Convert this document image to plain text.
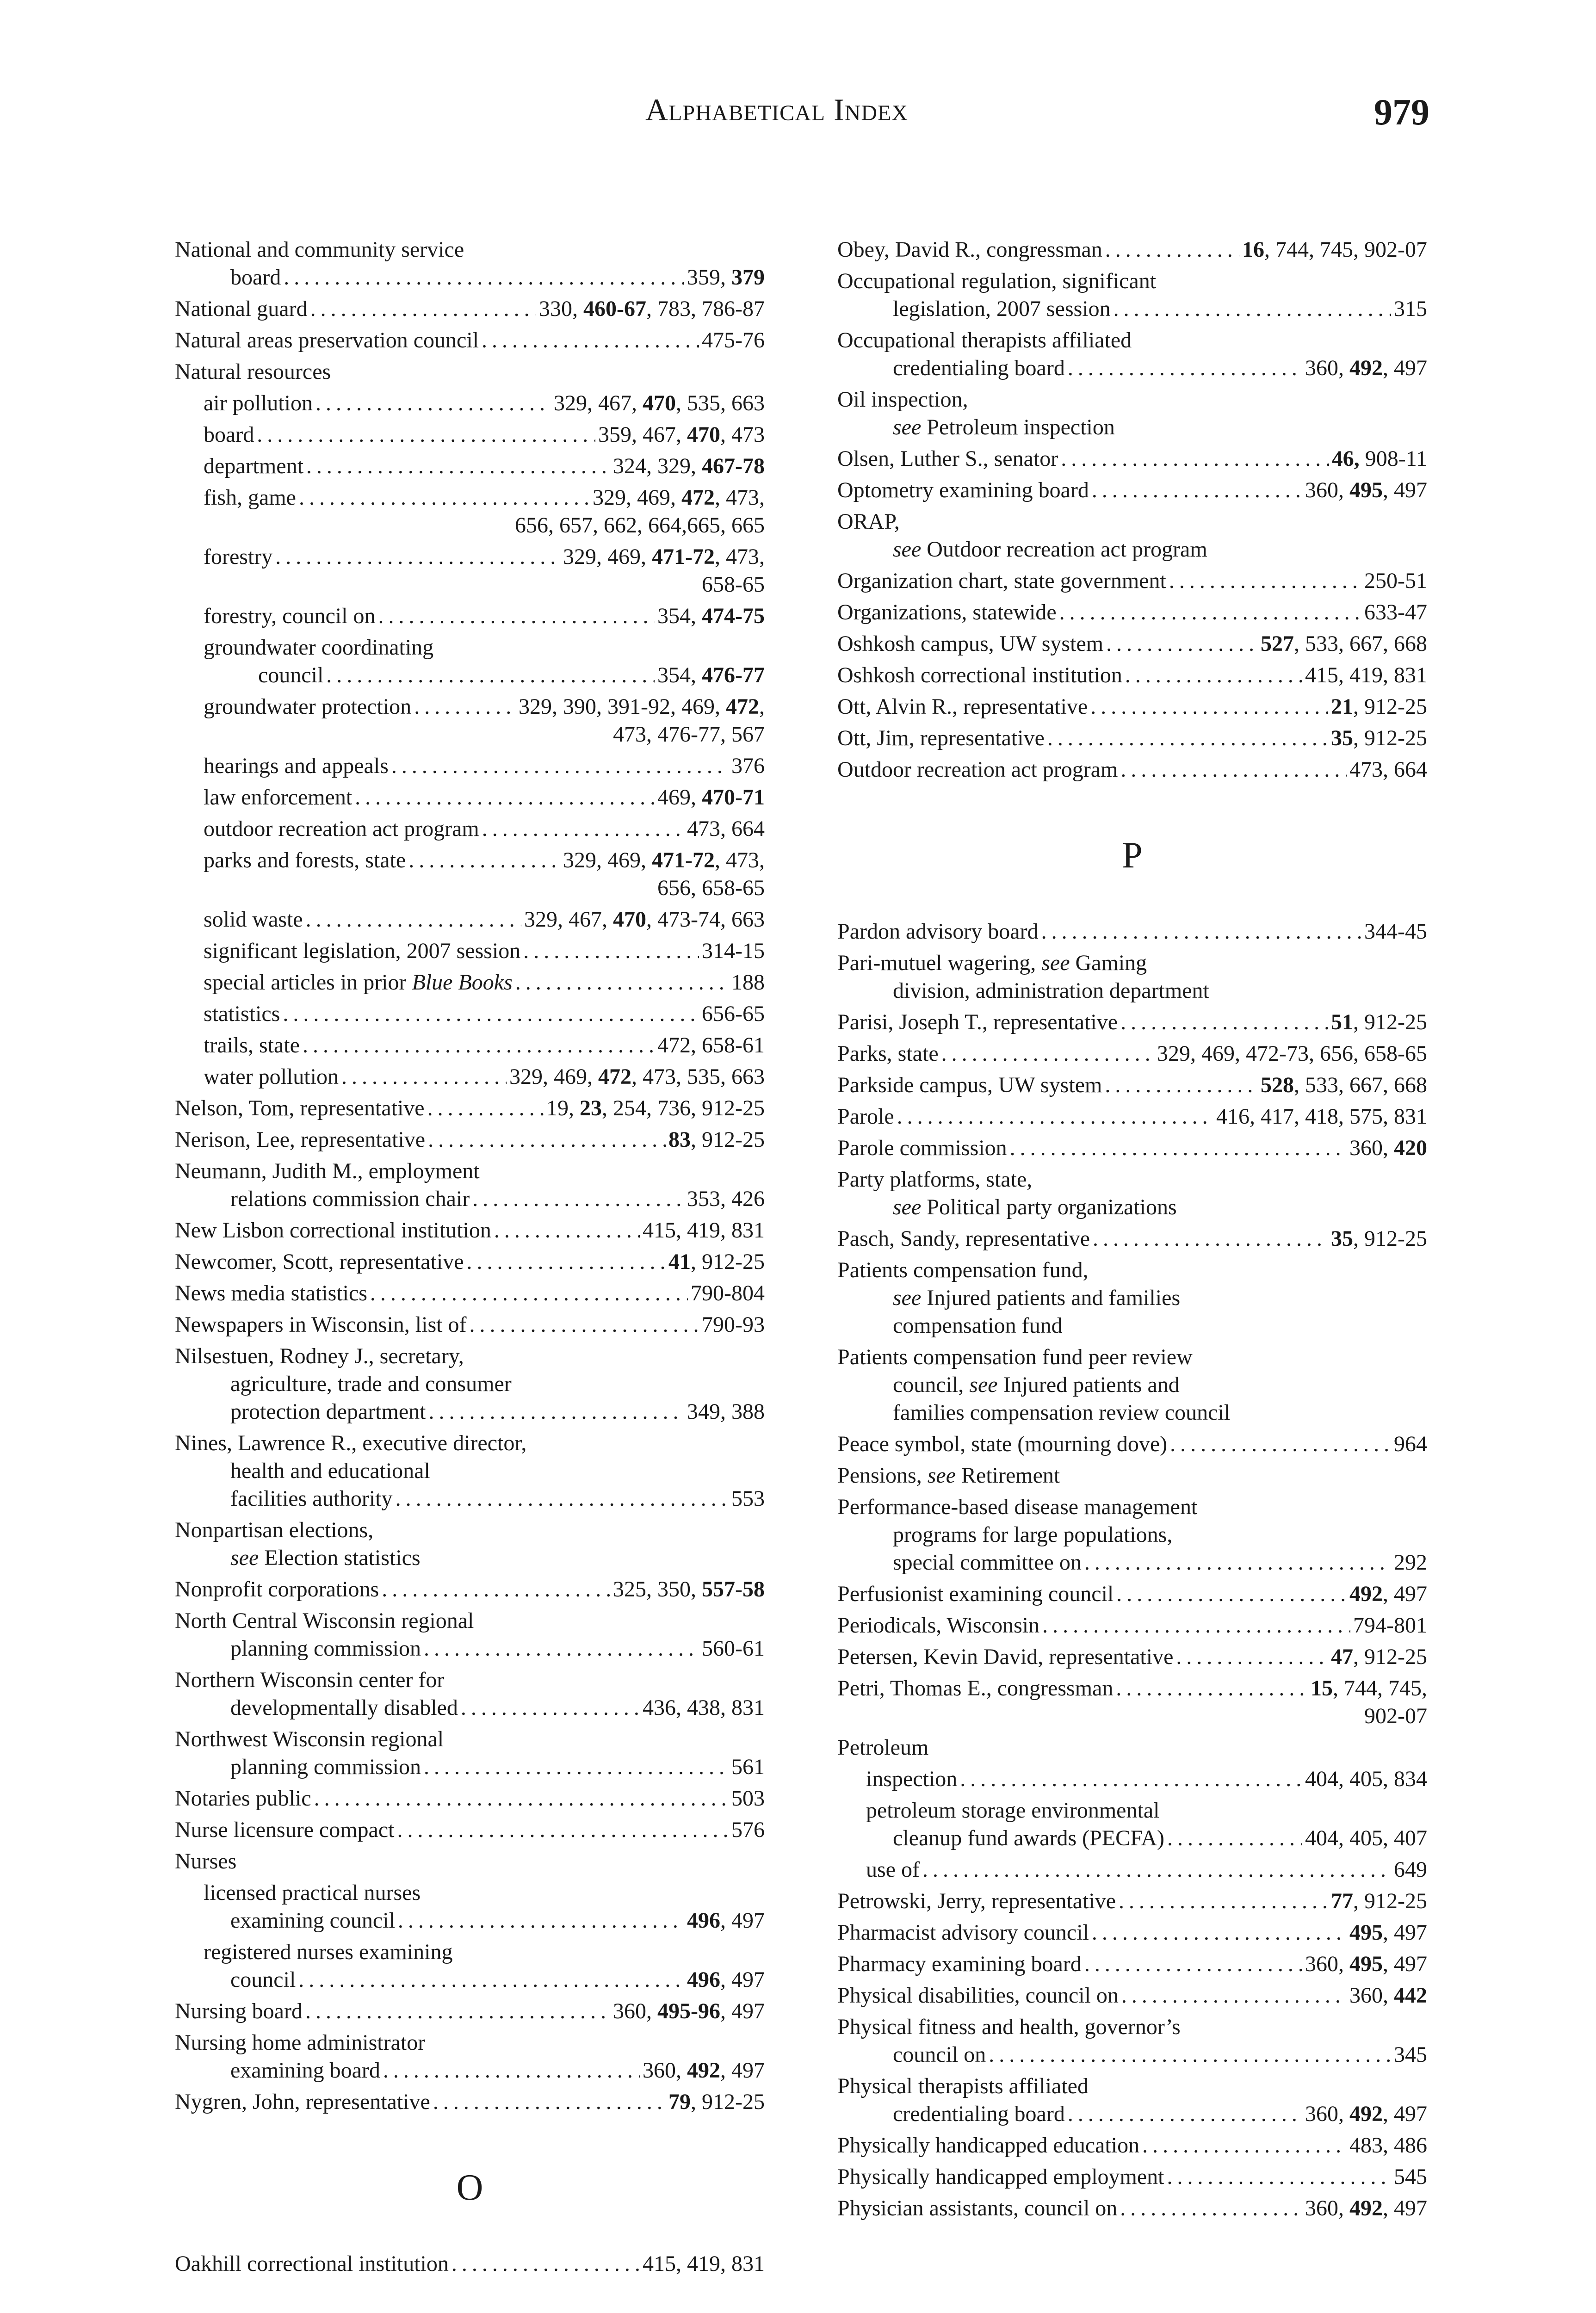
Alphabetical Index	979
National and community service
board .....	359, 379
National guard .....	330, 460-67, 783, 786-87
Natural areas preservation council .....	475-76
Natural resources
air pollution .....	329, 467, 470, 535, 663
board .....	359, 467, 470, 473
department .....	324, 329, 467-78
fish, game .....	329, 469, 472, 473,
656, 657, 662, 664,665, 665
forestry .....	329, 469, 471-72, 473,
658-65
forestry, council on .....	354, 474-75
groundwater coordinating
council .....	354, 476-77
groundwater protection .....	329, 390, 391-92, 469, 472,
473, 476-77, 567
hearings and appeals .....	376
law enforcement .....	469, 470-71
outdoor recreation act program .....	473, 664
parks and forests, state .....	329, 469, 471-72, 473,
656, 658-65
solid waste .....	329, 467, 470, 473-74, 663
significant legislation, 2007 session .....	314-15
special articles in prior Blue Books .....	188
statistics .....	656-65
trails, state .....	472, 658-61
water pollution .....	329, 469, 472, 473, 535, 663
Nelson, Tom, representative .....	19, 23, 254, 736, 912-25
Nerison, Lee, representative .....	83, 912-25
Neumann, Judith M., employment
relations commission chair .....	353, 426
New Lisbon correctional institution .....	415, 419, 831
Newcomer, Scott, representative .....	41, 912-25
News media statistics .....	790-804
Newspapers in Wisconsin, list of .....	790-93
Nilsestuen, Rodney J., secretary,
agriculture, trade and consumer
protection department .....	349, 388
Nines, Lawrence R., executive director,
health and educational
facilities authority .....	553
Nonpartisan elections,
see Election statistics
Nonprofit corporations .....	325, 350, 557-58
North Central Wisconsin regional
planning commission .....	560-61
Northern Wisconsin center for
developmentally disabled .....	436, 438, 831
Northwest Wisconsin regional
planning commission .....	561
Notaries public .....	503
Nurse licensure compact .....	576
Nurses
licensed practical nurses
examining council .....	496, 497
registered nurses examining
council .....	496, 497
Nursing board .....	360, 495-96, 497
Nursing home administrator
examining board .....	360, 492, 497
Nygren, John, representative .....	79, 912-25
O
Oakhill correctional institution .....	415, 419, 831
Obey, David R., congressman .....	16, 744, 745, 902-07
Occupational regulation, significant
legislation, 2007 session .....	315
Occupational therapists affiliated
credentialing board .....	360, 492, 497
Oil inspection,
see Petroleum inspection
Olsen, Luther S., senator .....	46, 908-11
Optometry examining board .....	360, 495, 497
ORAP,
see Outdoor recreation act program
Organization chart, state government .....	250-51
Organizations, statewide .....	633-47
Oshkosh campus, UW system .....	527, 533, 667, 668
Oshkosh correctional institution .....	415, 419, 831
Ott, Alvin R., representative .....	21, 912-25
Ott, Jim, representative .....	35, 912-25
Outdoor recreation act program .....	473, 664
P
Pardon advisory board .....	344-45
Pari-mutuel wagering, see Gaming
division, administration department
Parisi, Joseph T., representative .....	51, 912-25
Parks, state .....	329, 469, 472-73, 656, 658-65
Parkside campus, UW system .....	528, 533, 667, 668
Parole .....	416, 417, 418, 575, 831
Parole commission .....	360, 420
Party platforms, state,
see Political party organizations
Pasch, Sandy, representative .....	35, 912-25
Patients compensation fund,
see Injured patients and families
compensation fund
Patients compensation fund peer review
council, see Injured patients and
families compensation review council
Peace symbol, state (mourning dove) .....	964
Pensions, see Retirement
Performance-based disease management
programs for large populations,
special committee on .....	292
Perfusionist examining council .....	492, 497
Periodicals, Wisconsin .....	794-801
Petersen, Kevin David, representative .....	47, 912-25
Petri, Thomas E., congressman .....	15, 744, 745,
902-07
Petroleum
inspection .....	404, 405, 834
petroleum storage environmental
cleanup fund awards (PECFA) .....	404, 405, 407
use of .....	649
Petrowski, Jerry, representative .....	77, 912-25
Pharmacist advisory council .....	495, 497
Pharmacy examining board .....	360, 495, 497
Physical disabilities, council on .....	360, 442
Physical fitness and health, governor’s
council on .....	345
Physical therapists affiliated
credentialing board .....	360, 492, 497
Physically handicapped education .....	483, 486
Physically handicapped employment .....	545
Physician assistants, council on .....	360, 492, 497
